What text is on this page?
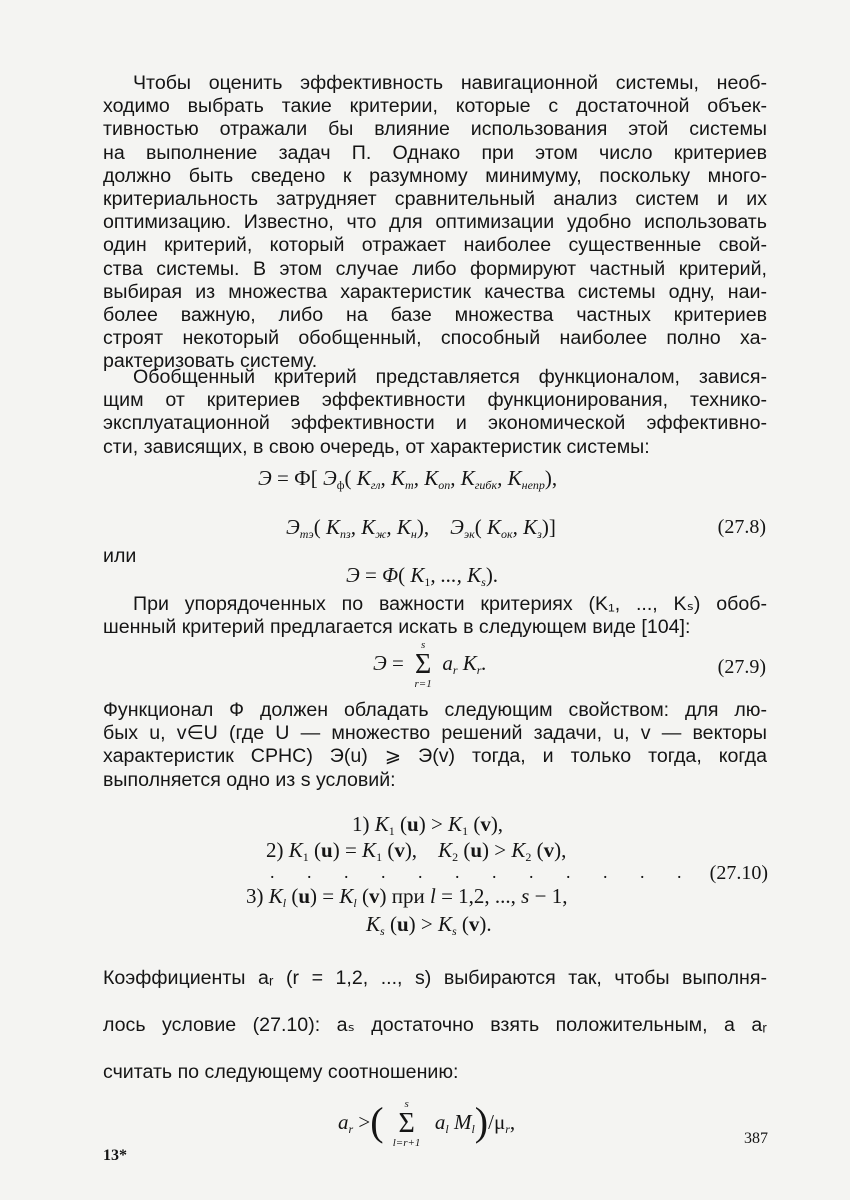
Чтобы оценить эффективность навигационной системы, необ-
ходимо выбрать такие критерии, которые с достаточной объек-
тивностью отражали бы влияние использования этой системы
на выполнение задач П. Однако при этом число критериев
должно быть сведено к разумному минимуму, поскольку много-
критериальность затрудняет сравнительный анализ систем и их
оптимизацию. Известно, что для оптимизации удобно использовать
один критерий, который отражает наиболее существенные свой-
ства системы. В этом случае либо формируют частный критерий,
выбирая из множества характеристик качества системы одну, наи-
более важную, либо на базе множества частных критериев
строят некоторый обобщенный, способный наиболее полно ха-
рактеризовать систему.
Обобщенный критерий представляется функционалом, завися-
щим от критериев эффективности функционирования, технико-
эксплуатационной эффективности и экономической эффективно-
сти, зависящих, в свою очередь, от характеристик системы:
Э = Ф[ $Э_ф$( $K_{гл}$, $K_т$, $K_{оп}$, $K_{гибк}$, $K_{непр}$),
$Э_{тэ}$( $K_{пз}$, $K_ж$, $K_н$),    $Э_{эк}$( $K_{ок}$, $K_з$)]	(27.8)
или
Э = Φ( $K_1$, ..., $K_s$).
При упорядоченных по важности критериях (K₁, ..., Kₛ) обоб-
шенный критерий предлагается искать в следующем виде [104]:
Э =
s
Σ
r=1
$a_r$ $K_r$.	(27.9)
Функционал Ф должен обладать следующим свойством: для лю-
бых u, v∈U (где U — множество решений задачи, u, v — векторы
характеристик СРНС) Э(u) ⩾ Э(v) тогда, и только тогда, когда
выполняется одно из s условий:
1) $K_1$ $(u) > K_1$ (v),
2) $K_1$ $(u) = K_1$ (v),    $K_2$ $(u) > K_2$ (v),
. . . . . . . . . . . .
3) $K_l$ $(u) = K_l$ (v) при l = 1,2, ..., s − 1,
$K_s$ $(u) > K_s$ (v).
(27.10)
Коэффициенты aᵣ (r = 1,2, ..., s) выбираются так, чтобы выполня-
лось условие (27.10): aₛ достаточно взять положительным, а aᵣ
считать по следующему соотношению:
$a_r$ >(	s
Σ
l=r+1
$a_l$ $M_l)/\mu_r$,
13*
387
